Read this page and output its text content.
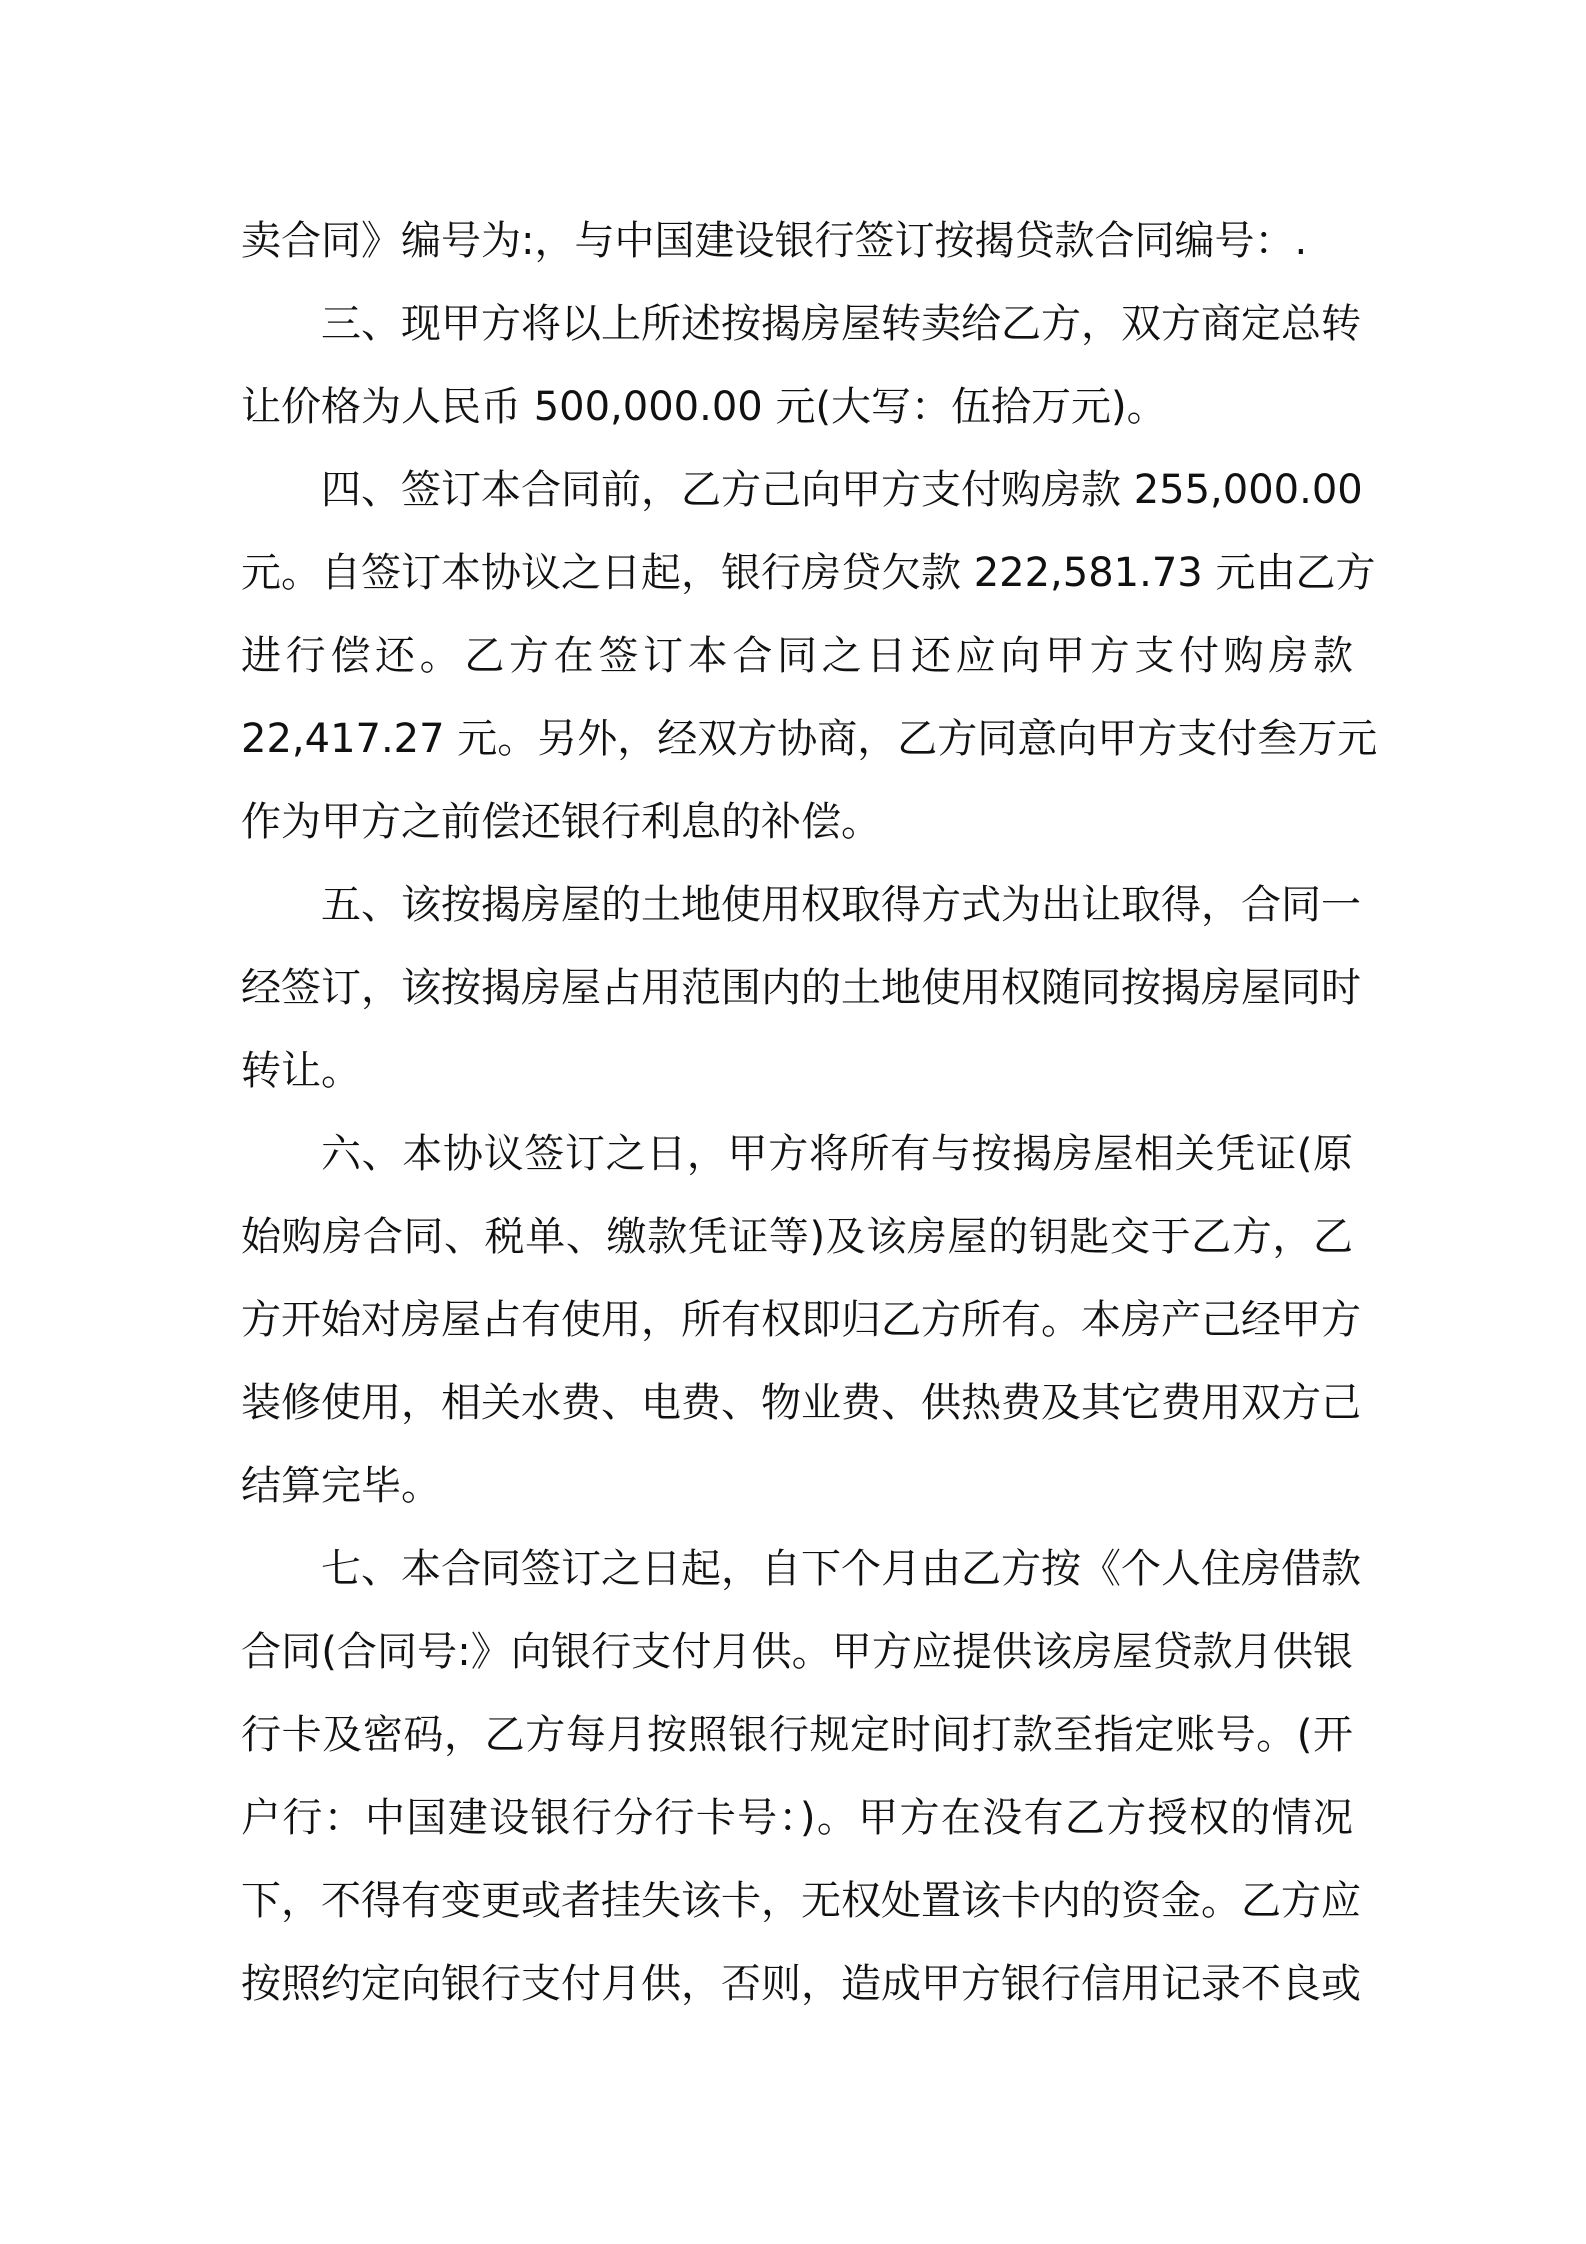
卖合同》编号为:，与中国建设银行签订按揭贷款合同编号：.
三、现甲方将以上所述按揭房屋转卖给乙方，双方商定总转
让价格为人民币 500,000.00 元(大写：伍拾万元)。
四、签订本合同前，乙方己向甲方支付购房款 255,000.00
元。自签订本协议之日起，银行房贷欠款 222,581.73 元由乙方
进行偿还。乙方在签订本合同之日还应向甲方支付购房款
22,417.27 元。另外，经双方协商，乙方同意向甲方支付叁万元
作为甲方之前偿还银行利息的补偿。
五、该按揭房屋的土地使用权取得方式为出让取得，合同一
经签订，该按揭房屋占用范围内的土地使用权随同按揭房屋同时
转让。
六、本协议签订之日，甲方将所有与按揭房屋相关凭证(原
始购房合同、税单、缴款凭证等)及该房屋的钥匙交于乙方，乙
方开始对房屋占有使用，所有权即归乙方所有。本房产己经甲方
装修使用，相关水费、电费、物业费、供热费及其它费用双方己
结算完毕。
七、本合同签订之日起，自下个月由乙方按《个人住房借款
合同(合同号:》向银行支付月供。甲方应提供该房屋贷款月供银
行卡及密码，乙方每月按照银行规定时间打款至指定账号。(开
户行：中国建设银行分行卡号：)。甲方在没有乙方授权的情况
下，不得有变更或者挂失该卡，无权处置该卡内的资金。乙方应
按照约定向银行支付月供，否则，造成甲方银行信用记录不良或
